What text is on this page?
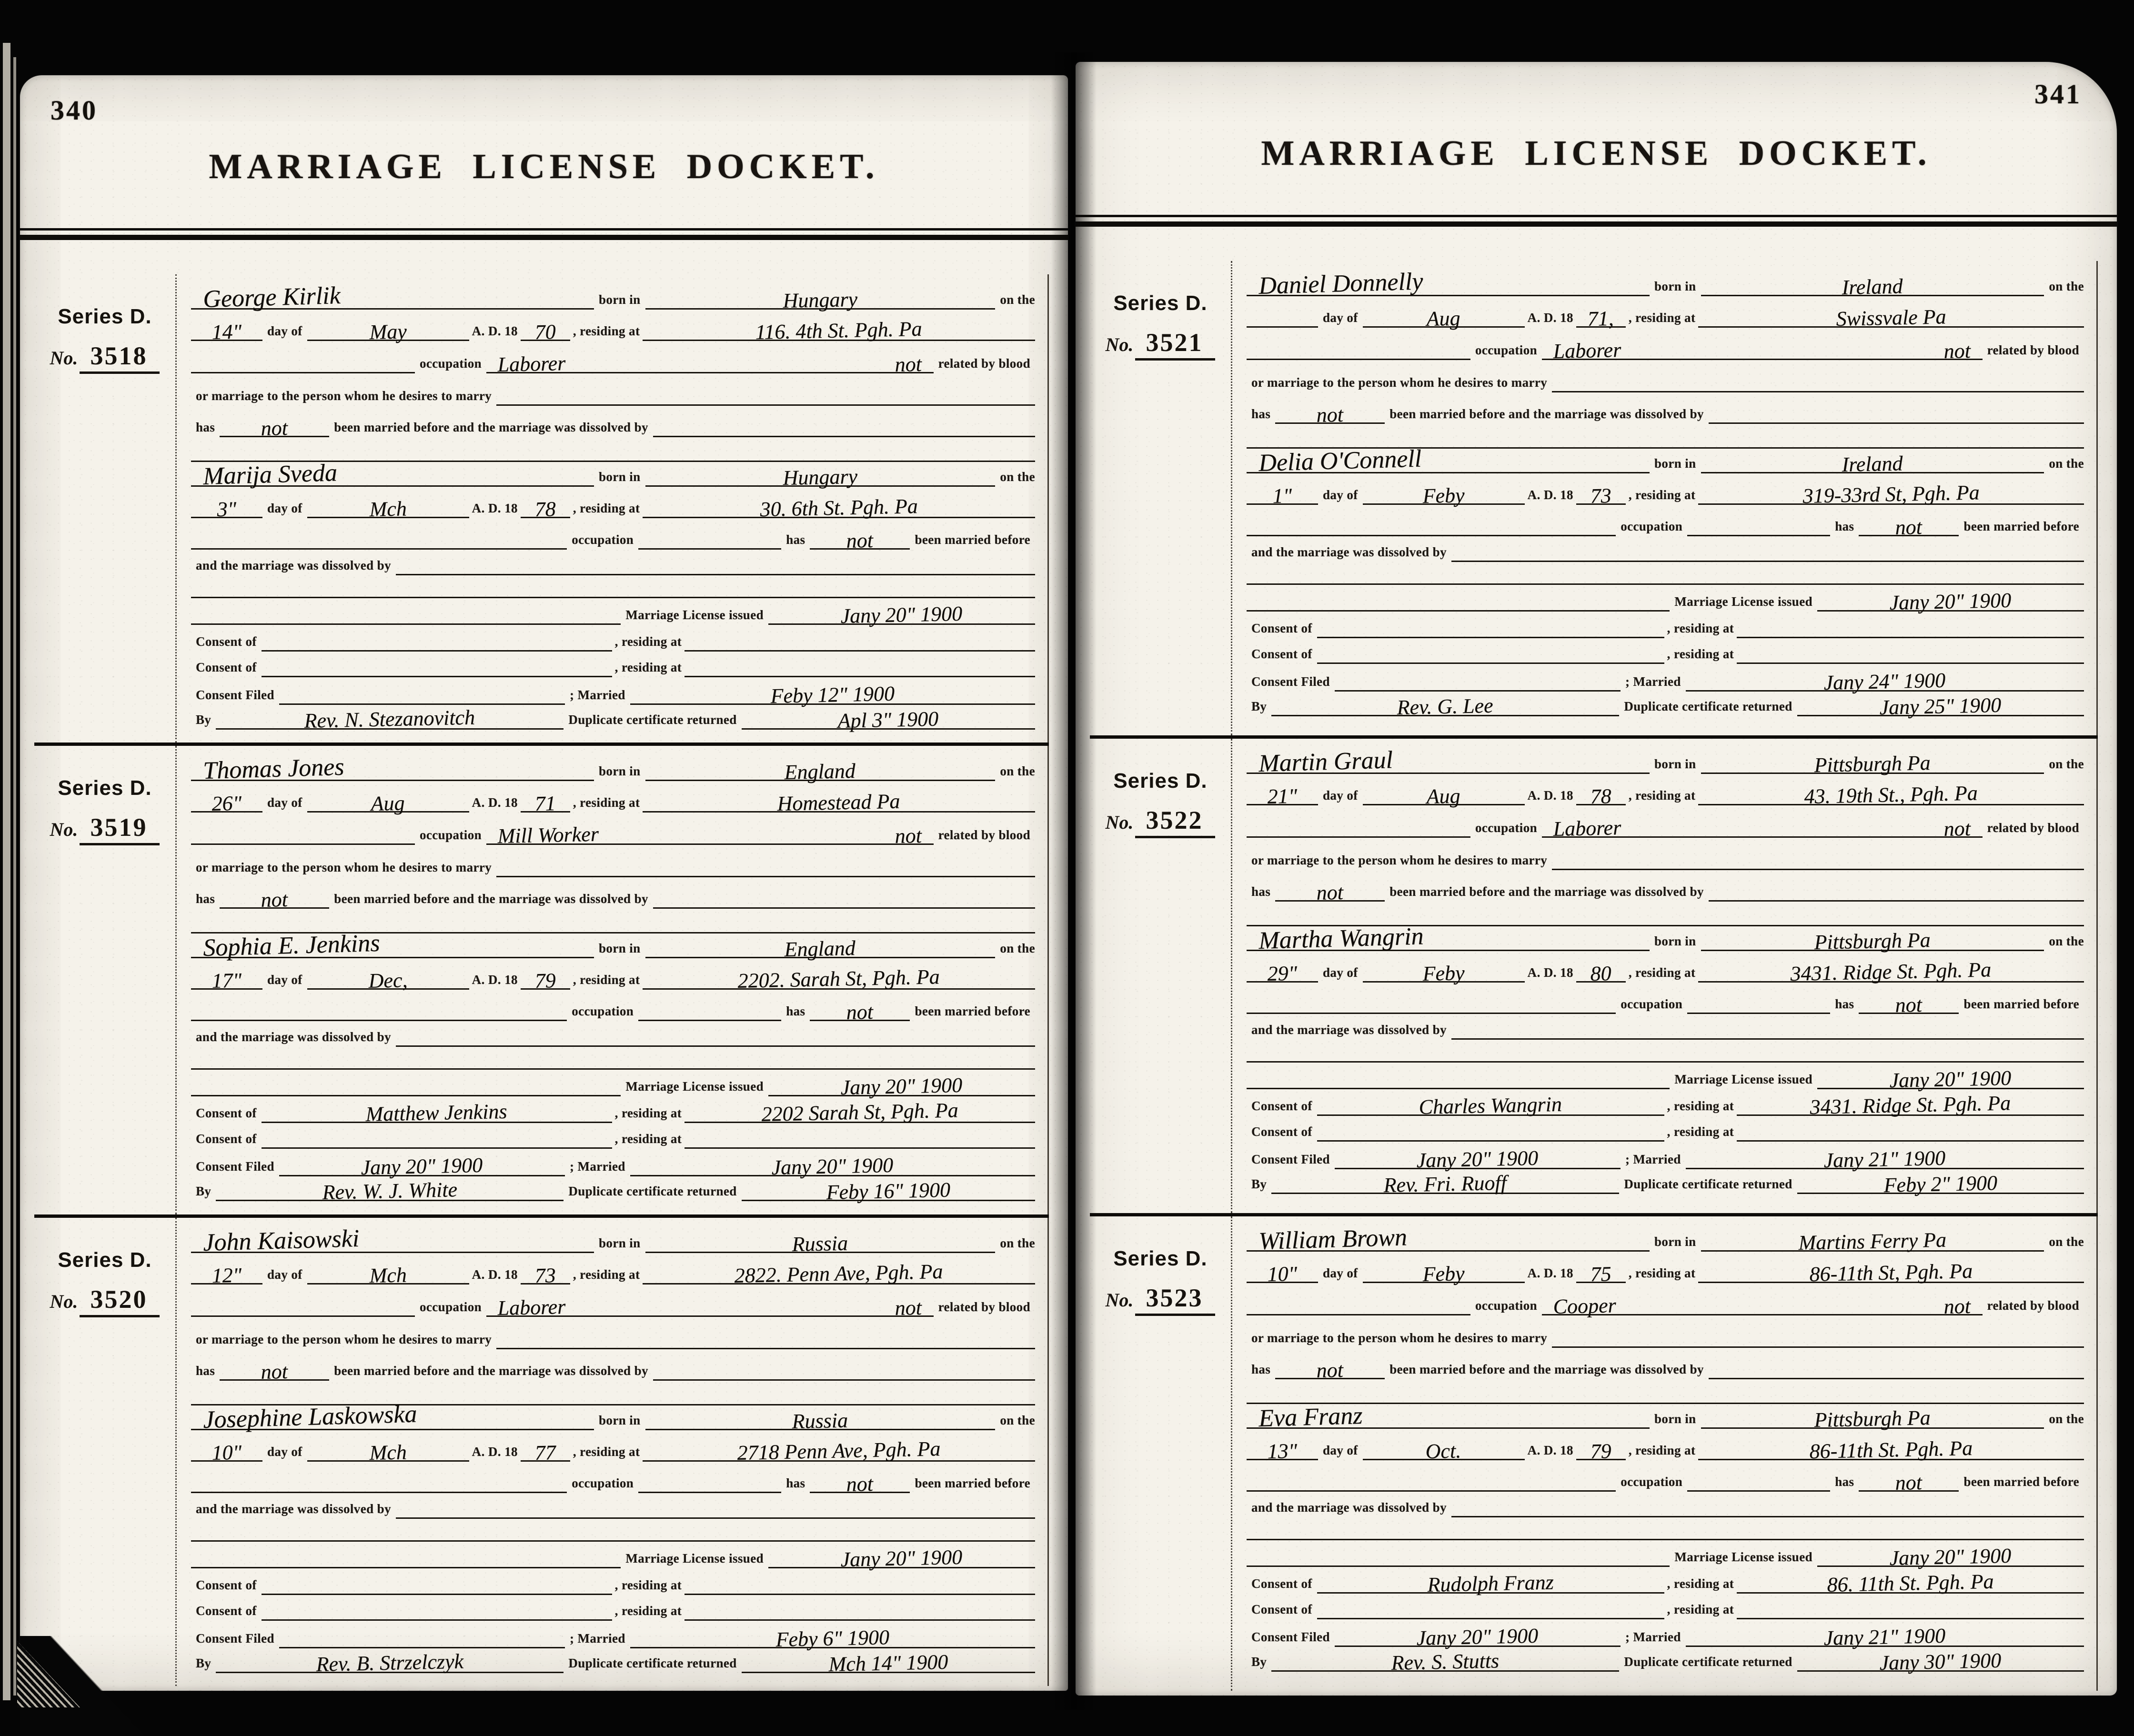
340
MARRIAGE LICENSE DOCKET.
Series D.
No. 3518
George Kirlik	born in	Hungary	on the
14"	day of	May	A. D. 18 70 , residing at	116. 4th St. Pgh. Pa
occupation Laborer	not	related by blood
or marriage to the person whom he desires to marry
has not	been married before and the marriage was dissolved by
Marija Sveda	born in	Hungary	on the
3"	day of	Mch	A. D. 18 78 , residing at	30. 6th St. Pgh. Pa
occupation	has not	been married before
and the marriage was dissolved by
Marriage License issued	Jany 20" 1900
Consent of	, residing at
Consent of	, residing at
Consent Filed	; Married	Feby 12" 1900
By	Rev. N. Stezanovitch	Duplicate certificate returned	Apl 3" 1900
Series D.
No. 3519
Thomas Jones	born in	England	on the
26"	day of	Aug	A. D. 18 71 , residing at	Homestead Pa
occupation Mill Worker	not	related by blood
or marriage to the person whom he desires to marry
has not	been married before and the marriage was dissolved by
Sophia E. Jenkins	born in	England	on the
17"	day of	Dec,	A. D. 18 79 , residing at	2202. Sarah St, Pgh. Pa
occupation	has not	been married before
and the marriage was dissolved by
Marriage License issued	Jany 20" 1900
Consent of	Matthew Jenkins	, residing at	2202 Sarah St, Pgh. Pa
Consent of	, residing at
Consent Filed	Jany 20" 1900	; Married	Jany 20" 1900
By	Rev. W. J. White	Duplicate certificate returned	Feby 16" 1900
Series D.
No. 3520
John Kaisowski	born in	Russia	on the
12"	day of	Mch	A. D. 18 73 , residing at	2822. Penn Ave, Pgh. Pa
occupation Laborer	not	related by blood
or marriage to the person whom he desires to marry
has not	been married before and the marriage was dissolved by
Josephine Laskowska	born in	Russia	on the
10"	day of	Mch	A. D. 18 77 , residing at	2718 Penn Ave, Pgh. Pa
occupation	has not	been married before
and the marriage was dissolved by
Marriage License issued	Jany 20" 1900
Consent of	, residing at
Consent of	, residing at
Consent Filed	; Married	Feby 6" 1900
By	Rev. B. Strzelczyk	Duplicate certificate returned	Mch 14" 1900
341
MARRIAGE LICENSE DOCKET.
Series D.
No. 3521
Daniel Donnelly	born in	Ireland	on the
day of	Aug	A. D. 18 71, , residing at	Swissvale Pa
occupation Laborer	not	related by blood
or marriage to the person whom he desires to marry
has not	been married before and the marriage was dissolved by
Delia O'Connell	born in	Ireland	on the
1"	day of	Feby	A. D. 18 73 , residing at	319-33rd St, Pgh. Pa
occupation	has not	been married before
and the marriage was dissolved by
Marriage License issued	Jany 20" 1900
Consent of	, residing at
Consent of	, residing at
Consent Filed	; Married	Jany 24" 1900
By	Rev. G. Lee	Duplicate certificate returned	Jany 25" 1900
Series D.
No. 3522
Martin Graul	born in	Pittsburgh Pa	on the
21"	day of	Aug	A. D. 18 78 , residing at	43. 19th St., Pgh. Pa
occupation Laborer	not	related by blood
or marriage to the person whom he desires to marry
has not	been married before and the marriage was dissolved by
Martha Wangrin	born in	Pittsburgh Pa	on the
29"	day of	Feby	A. D. 18 80 , residing at	3431. Ridge St. Pgh. Pa
occupation	has not	been married before
and the marriage was dissolved by
Marriage License issued	Jany 20" 1900
Consent of	Charles Wangrin	, residing at	3431. Ridge St. Pgh. Pa
Consent of	, residing at
Consent Filed	Jany 20" 1900	; Married	Jany 21" 1900
By	Rev. Fri. Ruoff	Duplicate certificate returned	Feby 2" 1900
Series D.
No. 3523
William Brown	born in	Martins Ferry Pa	on the
10"	day of	Feby	A. D. 18 75 , residing at	86-11th St, Pgh. Pa
occupation Cooper	not	related by blood
or marriage to the person whom he desires to marry
has not	been married before and the marriage was dissolved by
Eva Franz	born in	Pittsburgh Pa	on the
13"	day of	Oct.	A. D. 18 79 , residing at	86-11th St. Pgh. Pa
occupation	has not	been married before
and the marriage was dissolved by
Marriage License issued	Jany 20" 1900
Consent of	Rudolph Franz	, residing at	86. 11th St. Pgh. Pa
Consent of	, residing at
Consent Filed	Jany 20" 1900	; Married	Jany 21" 1900
By	Rev. S. Stutts	Duplicate certificate returned	Jany 30" 1900
